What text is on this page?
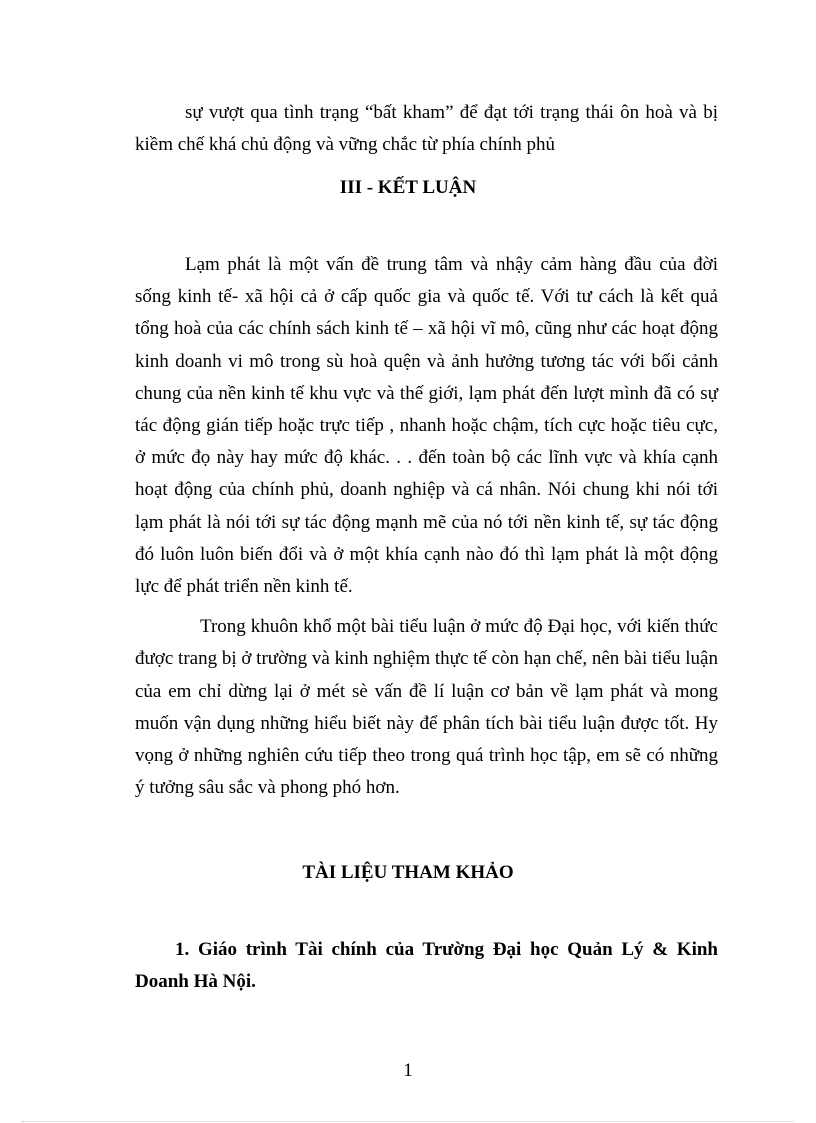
sự vượt qua tình trạng “bất kham” để đạt tới trạng thái ôn hoà và bị kiềm chế khá chủ động và vững chắc từ phía chính phủ

III - KẾT LUẬN

Lạm phát là một vấn đề trung tâm và nhậy cảm hàng đầu của đời sống kinh tế- xã hội cả ở cấp quốc gia và quốc tế. Với tư cách là kết quả tổng hoà của các chính sách kinh tế – xã hội vĩ mô, cũng như các hoạt động kinh doanh vi mô trong sù hoà quện và ảnh hưởng tương tác với bối cảnh chung của nền kinh tế khu vực và thế giới, lạm phát đến lượt mình đã có sự tác động gián tiếp hoặc trực tiếp , nhanh hoặc chậm, tích cực hoặc tiêu cực, ở mức đọ này hay mức độ khác. . . đến toàn bộ các lĩnh vực và khía cạnh hoạt động của chính phủ, doanh nghiệp và cá nhân. Nói chung khi nói tới lạm phát là nói tới sự tác động mạnh mẽ của nó tới nền kinh tế, sự tác động đó luôn luôn biến đổi và ở một khía cạnh nào đó thì lạm phát là một động lực để phát triển nền kinh tế.

Trong khuôn khổ một bài tiểu luận ở mức độ Đại học, với kiến thức được trang bị ở trường và kinh nghiệm thực tế còn hạn chế, nên bài tiểu luận của em chỉ dừng lại ở mét sè vấn đề lí luận cơ bản về lạm phát và mong muốn vận dụng những hiểu biết này để phân tích bài tiểu luận được tốt. Hy vọng ở những nghiên cứu tiếp theo trong quá trình học tập, em sẽ có những ý tưởng sâu sắc và phong phó hơn.

TÀI LIỆU THAM KHẢO

1. Giáo trình Tài chính của Trường Đại học Quản Lý & Kinh Doanh Hà Nội.

1
